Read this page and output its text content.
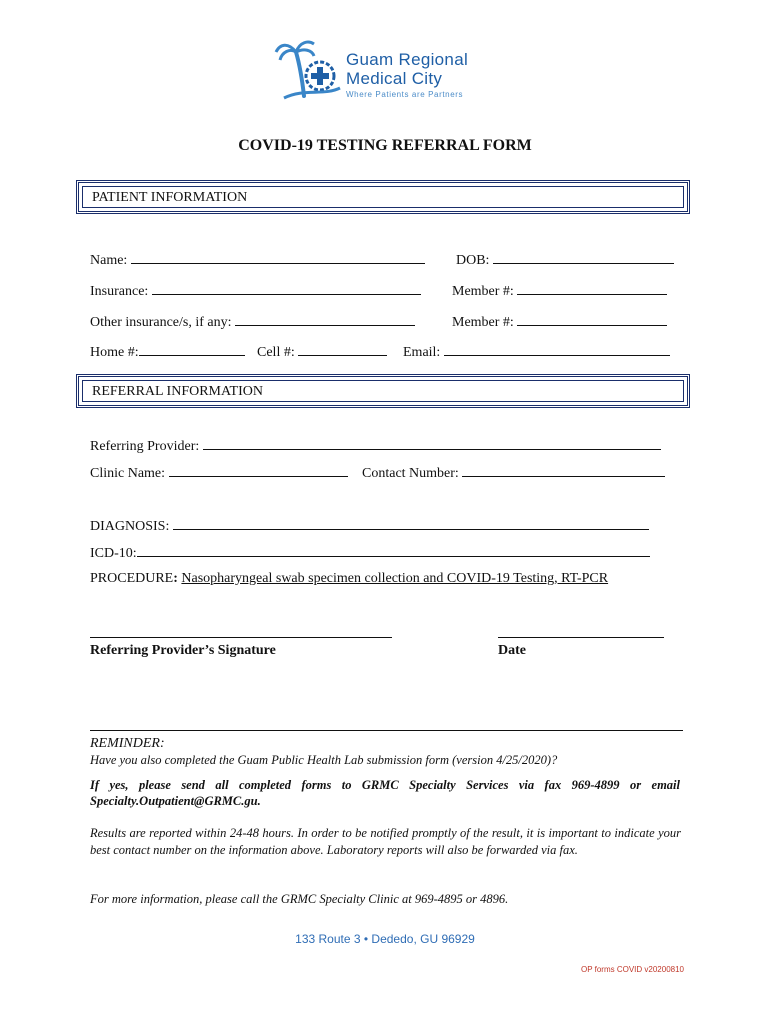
Guam Regional
Medical City
Where Patients are Partners
COVID-19 TESTING REFERRAL FORM
PATIENT INFORMATION
Name:	DOB:
Insurance:	Member #:
Other insurance/s, if any:	Member #:
Home #:	Cell #:	Email:
REFERRAL INFORMATION
Referring Provider:
Clinic Name:	Contact Number:
DIAGNOSIS:
ICD-10:
PROCEDURE: Nasopharyngeal swab specimen collection and COVID-19 Testing, RT-PCR
Referring Provider’s Signature	Date
REMINDER:
Have you also completed the Guam Public Health Lab submission form (version 4/25/2020)?
If yes, please send all completed forms to GRMC Specialty Services via fax 969-4899 or email Specialty.Outpatient@GRMC.gu.
Results are reported within 24-48 hours. In order to be notified promptly of the result, it is important to indicate your best contact number on the information above. Laboratory reports will also be forwarded via fax.
For more information, please call the GRMC Specialty Clinic at 969-4895 or 4896.
133 Route 3 • Dededo, GU 96929
OP forms COVID v20200810
